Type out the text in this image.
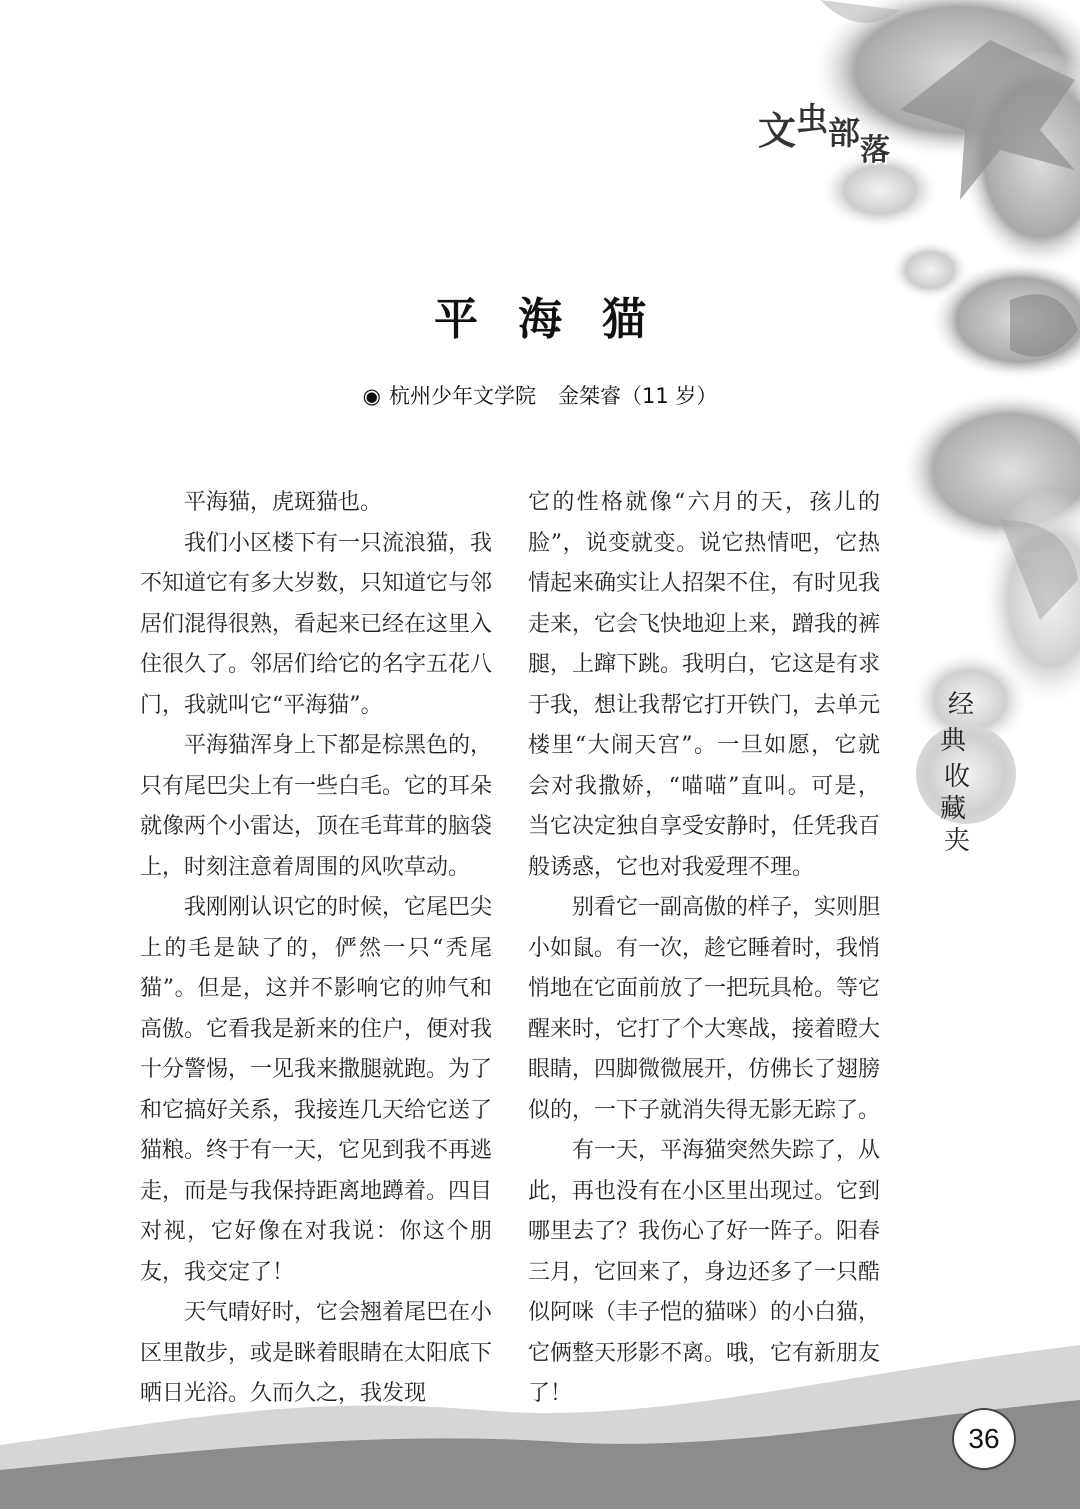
文虫部落
平海猫
◉ 杭州少年文学院 金桀睿（11 岁）

平海猫，虎斑猫也。

我们小区楼下有一只流浪猫，我不知道它有多大岁数，只知道它与邻居们混得很熟，看起来已经在这里入住很久了。邻居们给它的名字五花八门，我就叫它“平海猫”。

平海猫浑身上下都是棕黑色的，只有尾巴尖上有一些白毛。它的耳朵就像两个小雷达，顶在毛茸茸的脑袋上，时刻注意着周围的风吹草动。

我刚刚认识它的时候，它尾巴尖上的毛是缺了的，俨然一只“秃尾猫”。但是，这并不影响它的帅气和高傲。它看我是新来的住户，便对我十分警惕，一见我来撒腿就跑。为了和它搞好关系，我接连几天给它送了猫粮。终于有一天，它见到我不再逃走，而是与我保持距离地蹲着。四目对视，它好像在对我说：你这个朋友，我交定了！

天气晴好时，它会翘着尾巴在小区里散步，或是眯着眼睛在太阳底下晒日光浴。久而久之，我发现

它的性格就像“六月的天，孩儿的脸”，说变就变。说它热情吧，它热情起来确实让人招架不住，有时见我走来，它会飞快地迎上来，蹭我的裤腿，上蹿下跳。我明白，它这是有求于我，想让我帮它打开铁门，去单元楼里“大闹天宫”。一旦如愿，它就会对我撒娇，“喵喵”直叫。可是，当它决定独自享受安静时，任凭我百般诱惑，它也对我爱理不理。

别看它一副高傲的样子，实则胆小如鼠。有一次，趁它睡着时，我悄悄地在它面前放了一把玩具枪。等它醒来时，它打了个大寒战，接着瞪大眼睛，四脚微微展开，仿佛长了翅膀似的，一下子就消失得无影无踪了。

有一天，平海猫突然失踪了，从此，再也没有在小区里出现过。它到哪里去了？我伤心了好一阵子。阳春三月，它回来了，身边还多了一只酷似阿咪（丰子恺的猫咪）的小白猫，它俩整天形影不离。哦，它有新朋友了！

经
典
收
藏
夹
36
